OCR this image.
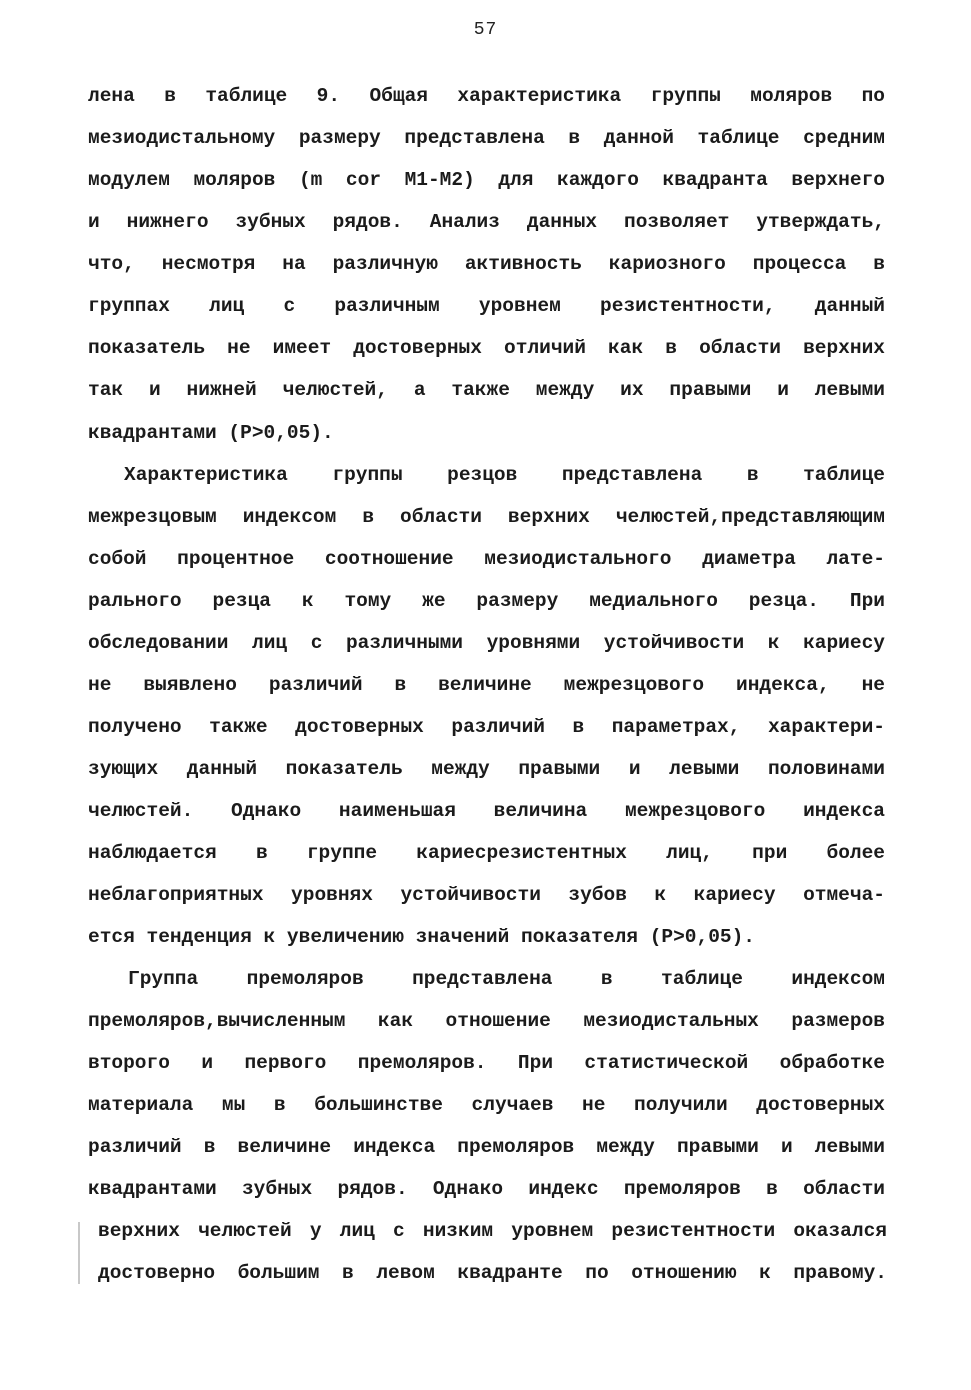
57
лена в таблице 9. Общая характеристика группы моляров по
мезиодистальному размеру представлена в данной таблице средним
модулем моляров (m cor M1-M2) для каждого квадранта верхнего
и нижнего зубных рядов. Анализ данных позволяет утверждать,
что, несмотря на различную активность кариозного процесса в
группах лиц с различным уровнем резистентности, данный
показатель не имеет достоверных отличий как в области верхних
так и нижней челюстей, а также между их правыми и левыми
квадрантами (P>0,05).
Характеристика группы резцов представлена в таблице
межрезцовым индексом в области верхних челюстей,представляющим
собой процентное соотношение мезиодистального диаметра лате-
рального резца к тому же размеру медиального резца. При
обследовании лиц с различными уровнями устойчивости к кариесу
не выявлено различий в величине межрезцового индекса, не
получено также достоверных различий в параметрах, характери-
зующих данный показатель между правыми и левыми половинами
челюстей. Однако наименьшая величина межрезцового индекса
наблюдается в группе кариесрезистентных лиц, при более
неблагоприятных уровнях устойчивости зубов к кариесу отмеча-
ется тенденция к увеличению значений показателя (P>0,05).
Группа премоляров представлена в таблице индексом
премоляров,вычисленным как отношение мезиодистальных размеров
второго и первого премоляров. При статистической обработке
материала мы в большинстве случаев не получили достоверных
различий в величине индекса премоляров между правыми и левыми
квадрантами зубных рядов. Однако индекс премоляров в области
верхних челюстей у лиц с низким уровнем резистентности оказался
достоверно большим в левом квадранте по отношению к правому.
